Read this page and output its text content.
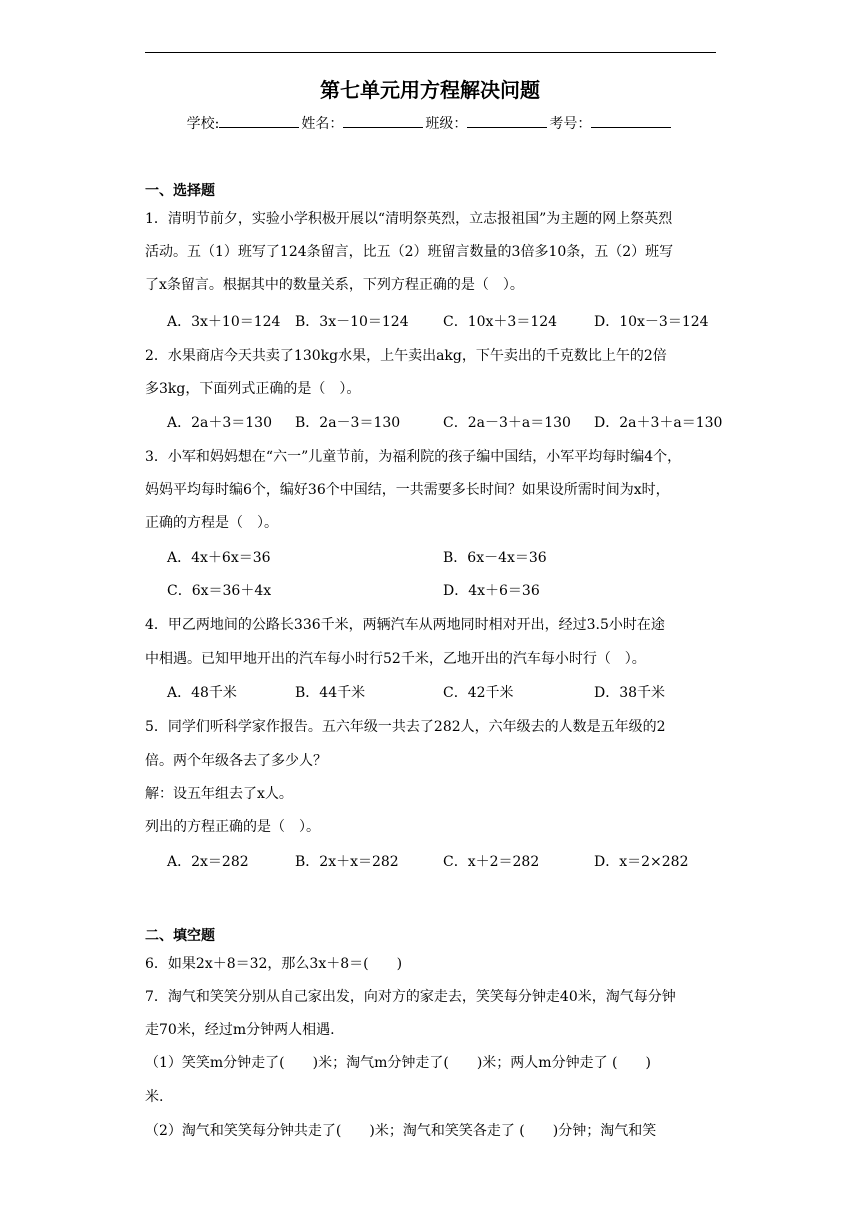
第七单元用方程解决问题
学校:	姓名：	班级：	考号：
一、选择题
1．清明节前夕，实验小学积极开展以“清明祭英烈，立志报祖国”为主题的网上祭英烈
活动。五（1）班写了124条留言，比五（2）班留言数量的3倍多10条，五（2）班写
了x条留言。根据其中的数量关系，下列方程正确的是（　）。
A．3x＋10＝124 B．3x－10＝124 C．10x＋3＝124	D．10x－3＝124
2．水果商店今天共卖了130kg水果，上午卖出akg，下午卖出的千克数比上午的2倍
多3kg，下面列式正确的是（　）。
A．2a＋3＝130 B．2a－3＝130	C．2a－3＋a＝130 D．2a＋3＋a＝130
3．小军和妈妈想在“六一”儿童节前，为福利院的孩子编中国结，小军平均每时编4个，
妈妈平均每时编6个，编好36个中国结，一共需要多长时间？如果设所需时间为x时，
正确的方程是（　）。
A．4x＋6x＝36	B．6x－4x＝36
C．6x＝36＋4x	D．4x＋6＝36
4．甲乙两地间的公路长336千米，两辆汽车从两地同时相对开出，经过3.5小时在途
中相遇。已知甲地开出的汽车每小时行52千米，乙地开出的汽车每小时行（　）。
A．48千米	B．44千米	C．42千米	D．38千米
5．同学们听科学家作报告。五六年级一共去了282人，六年级去的人数是五年级的2
倍。两个年级各去了多少人？
解：设五年组去了x人。
列出的方程正确的是（　）。
A．2x＝282	B．2x＋x＝282	C．x＋2＝282	D．x＝2×282
二、填空题
6．如果2x＋8＝32，那么3x＋8＝(　　)
7．淘气和笑笑分别从自己家出发，向对方的家走去，笑笑每分钟走40米，淘气每分钟
走70米，经过m分钟两人相遇.
（1）笑笑m分钟走了(　　)米；淘气m分钟走了(　　)米；两人m分钟走了 (　　)
米.
（2）淘气和笑笑每分钟共走了(　　)米；淘气和笑笑各走了 (　　)分钟；淘气和笑
